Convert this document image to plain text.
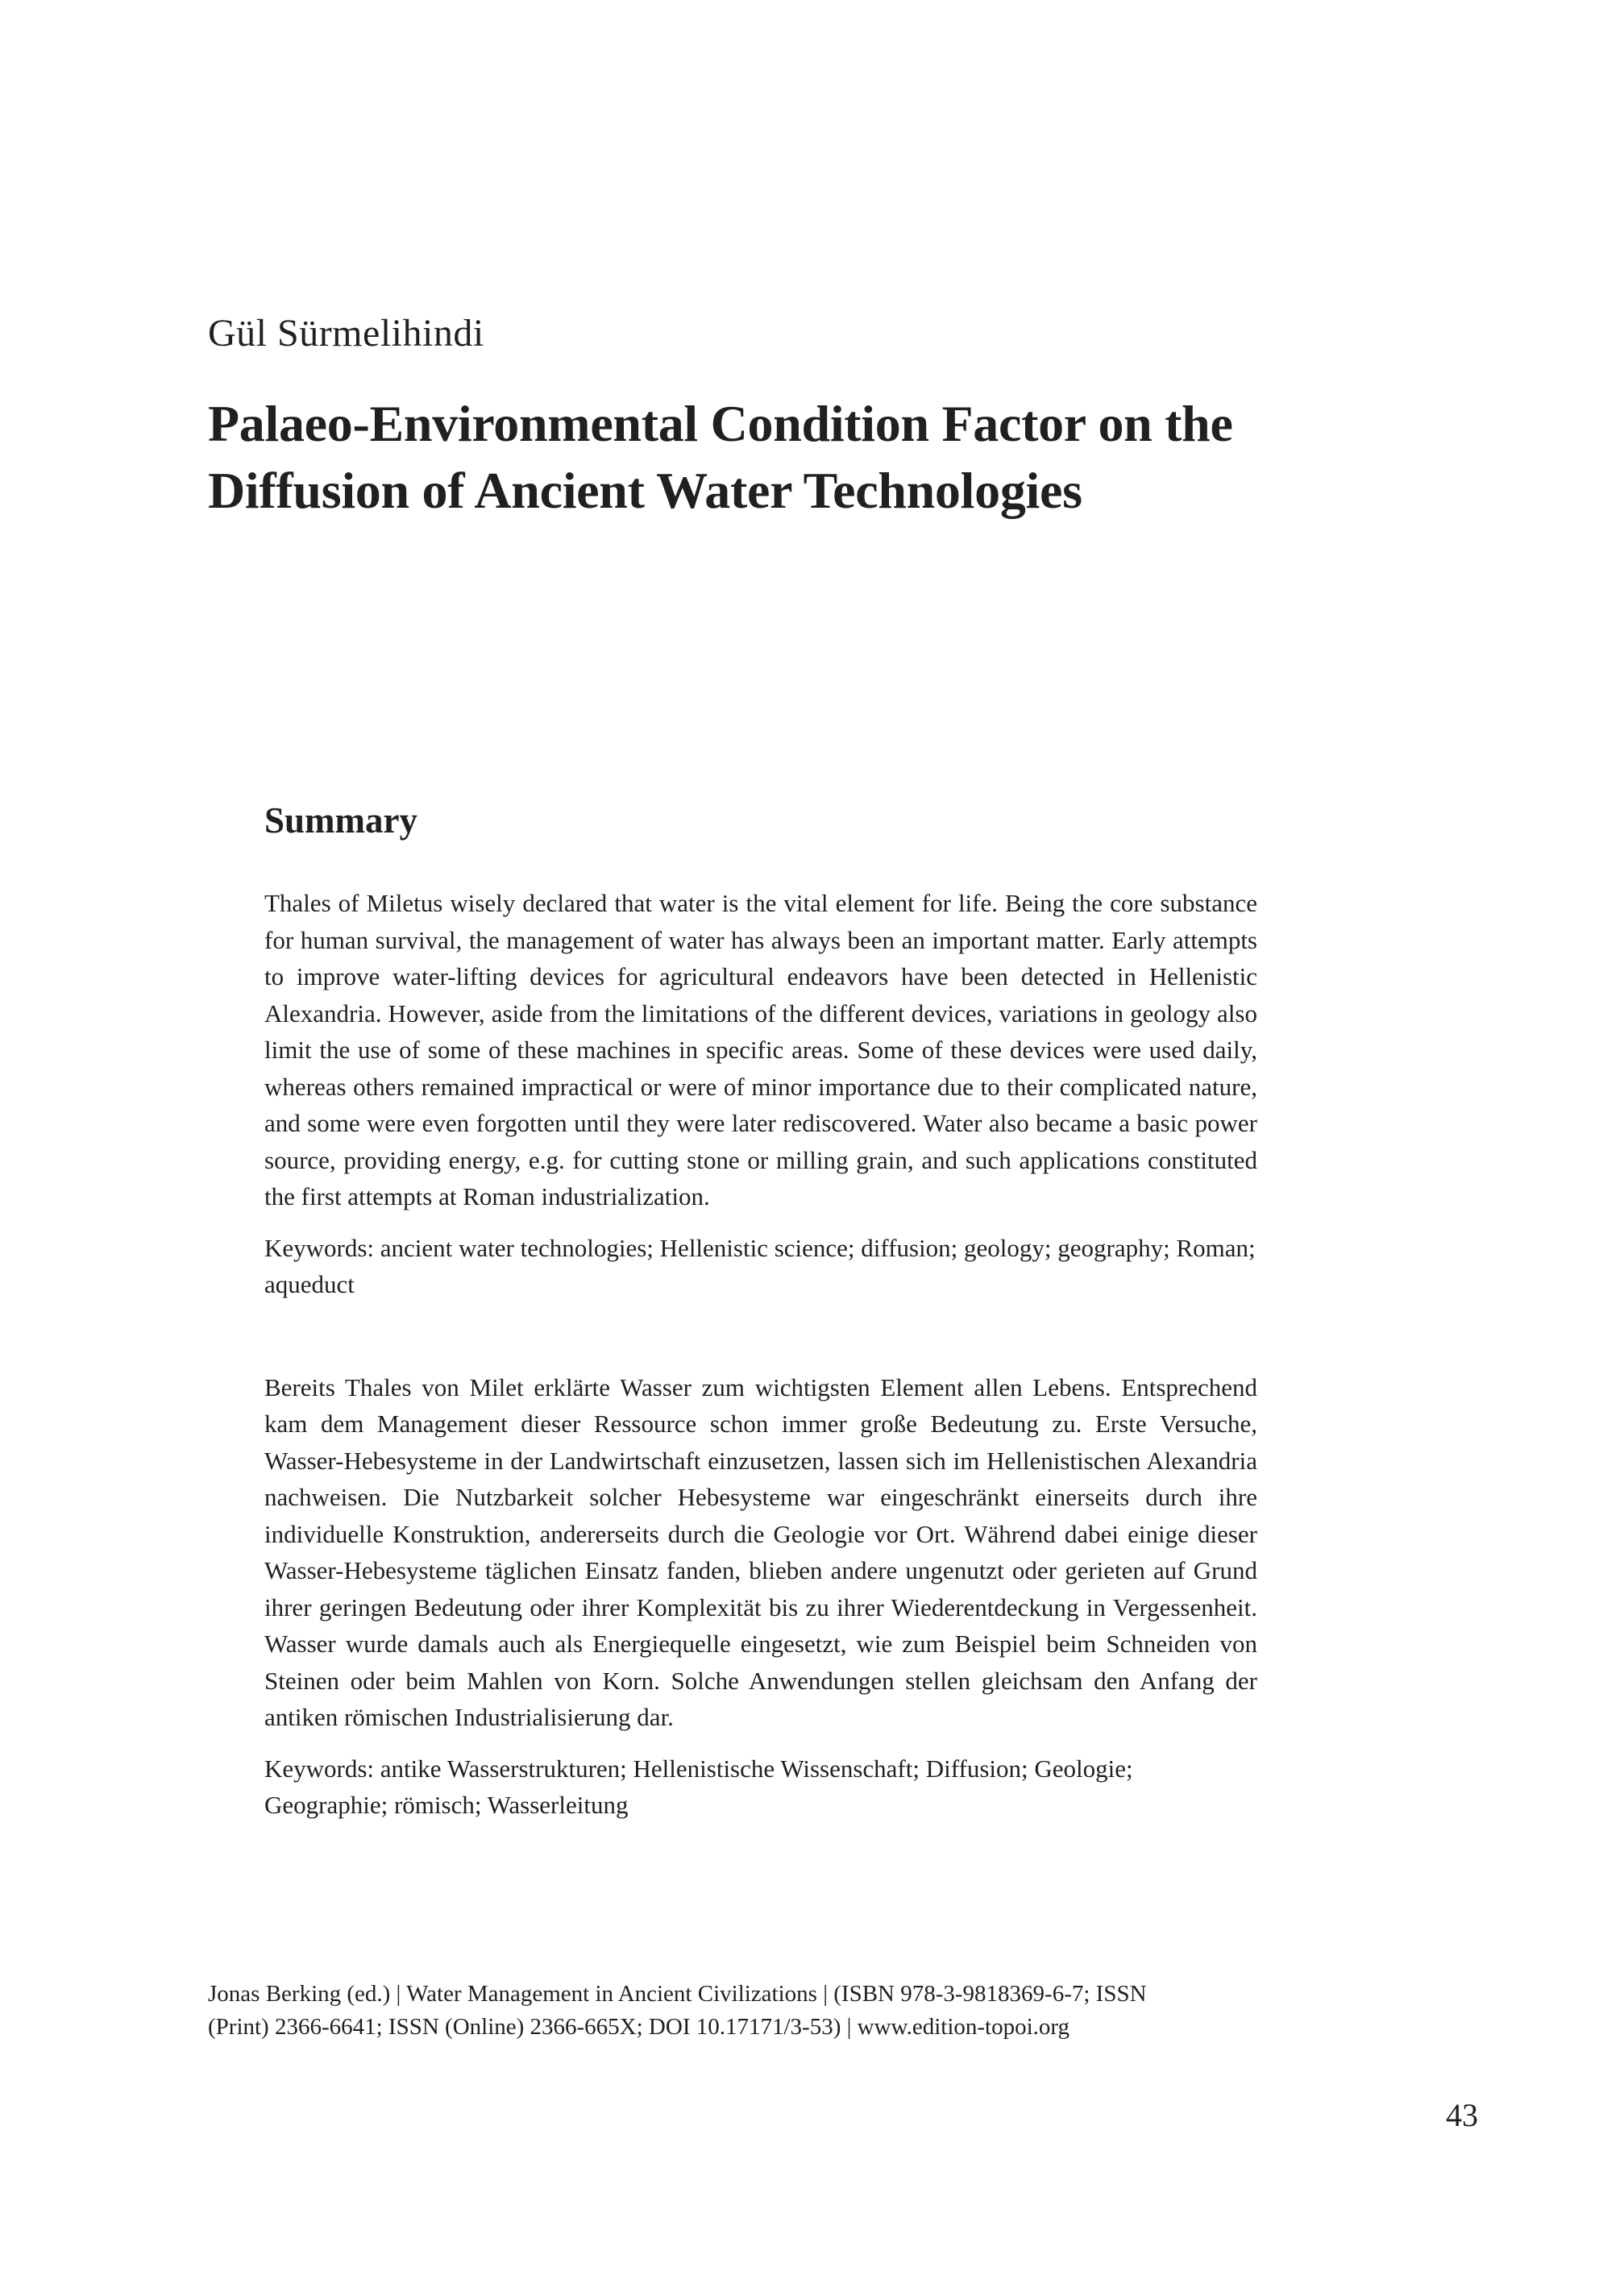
Gül Sürmelihindi
Palaeo-Environmental Condition Factor on the
Diffusion of Ancient Water Technologies
Summary

Thales of Miletus wisely declared that water is the vital element for life. Being the core substance for human survival, the management of water has always been an important matter. Early attempts to improve water-lifting devices for agricultural endeavors have been detected in Hellenistic Alexandria. However, aside from the limitations of the different devices, variations in geology also limit the use of some of these machines in specific areas. Some of these devices were used daily, whereas others remained impractical or were of minor importance due to their complicated nature, and some were even forgotten until they were later rediscovered. Water also became a basic power source, providing energy, e.g. for cutting stone or milling grain, and such applications constituted the first attempts at Roman industrialization.

Keywords: ancient water technologies; Hellenistic science; diffusion; geology; geography; Roman; aqueduct

Bereits Thales von Milet erklärte Wasser zum wichtigsten Element allen Lebens. Entsprechend kam dem Management dieser Ressource schon immer große Bedeutung zu. Erste Versuche, Wasser-Hebesysteme in der Landwirtschaft einzusetzen, lassen sich im Hellenistischen Alexandria nachweisen. Die Nutzbarkeit solcher Hebesysteme war eingeschränkt einerseits durch ihre individuelle Konstruktion, andererseits durch die Geologie vor Ort. Während dabei einige dieser Wasser-Hebesysteme täglichen Einsatz fanden, blieben andere ungenutzt oder gerieten auf Grund ihrer geringen Bedeutung oder ihrer Komplexität bis zu ihrer Wiederentdeckung in Vergessenheit. Wasser wurde damals auch als Energiequelle eingesetzt, wie zum Beispiel beim Schneiden von Steinen oder beim Mahlen von Korn. Solche Anwendungen stellen gleichsam den Anfang der antiken römischen Industrialisierung dar.

Keywords: antike Wasserstrukturen; Hellenistische Wissenschaft; Diffusion; Geologie; Geographie; römisch; Wasserleitung

Jonas Berking (ed.) | Water Management in Ancient Civilizations | (ISBN 978-3-9818369-6-7; ISSN
(Print) 2366-6641; ISSN (Online) 2366-665X; DOI 10.17171/3-53) | www.edition-topoi.org
43
